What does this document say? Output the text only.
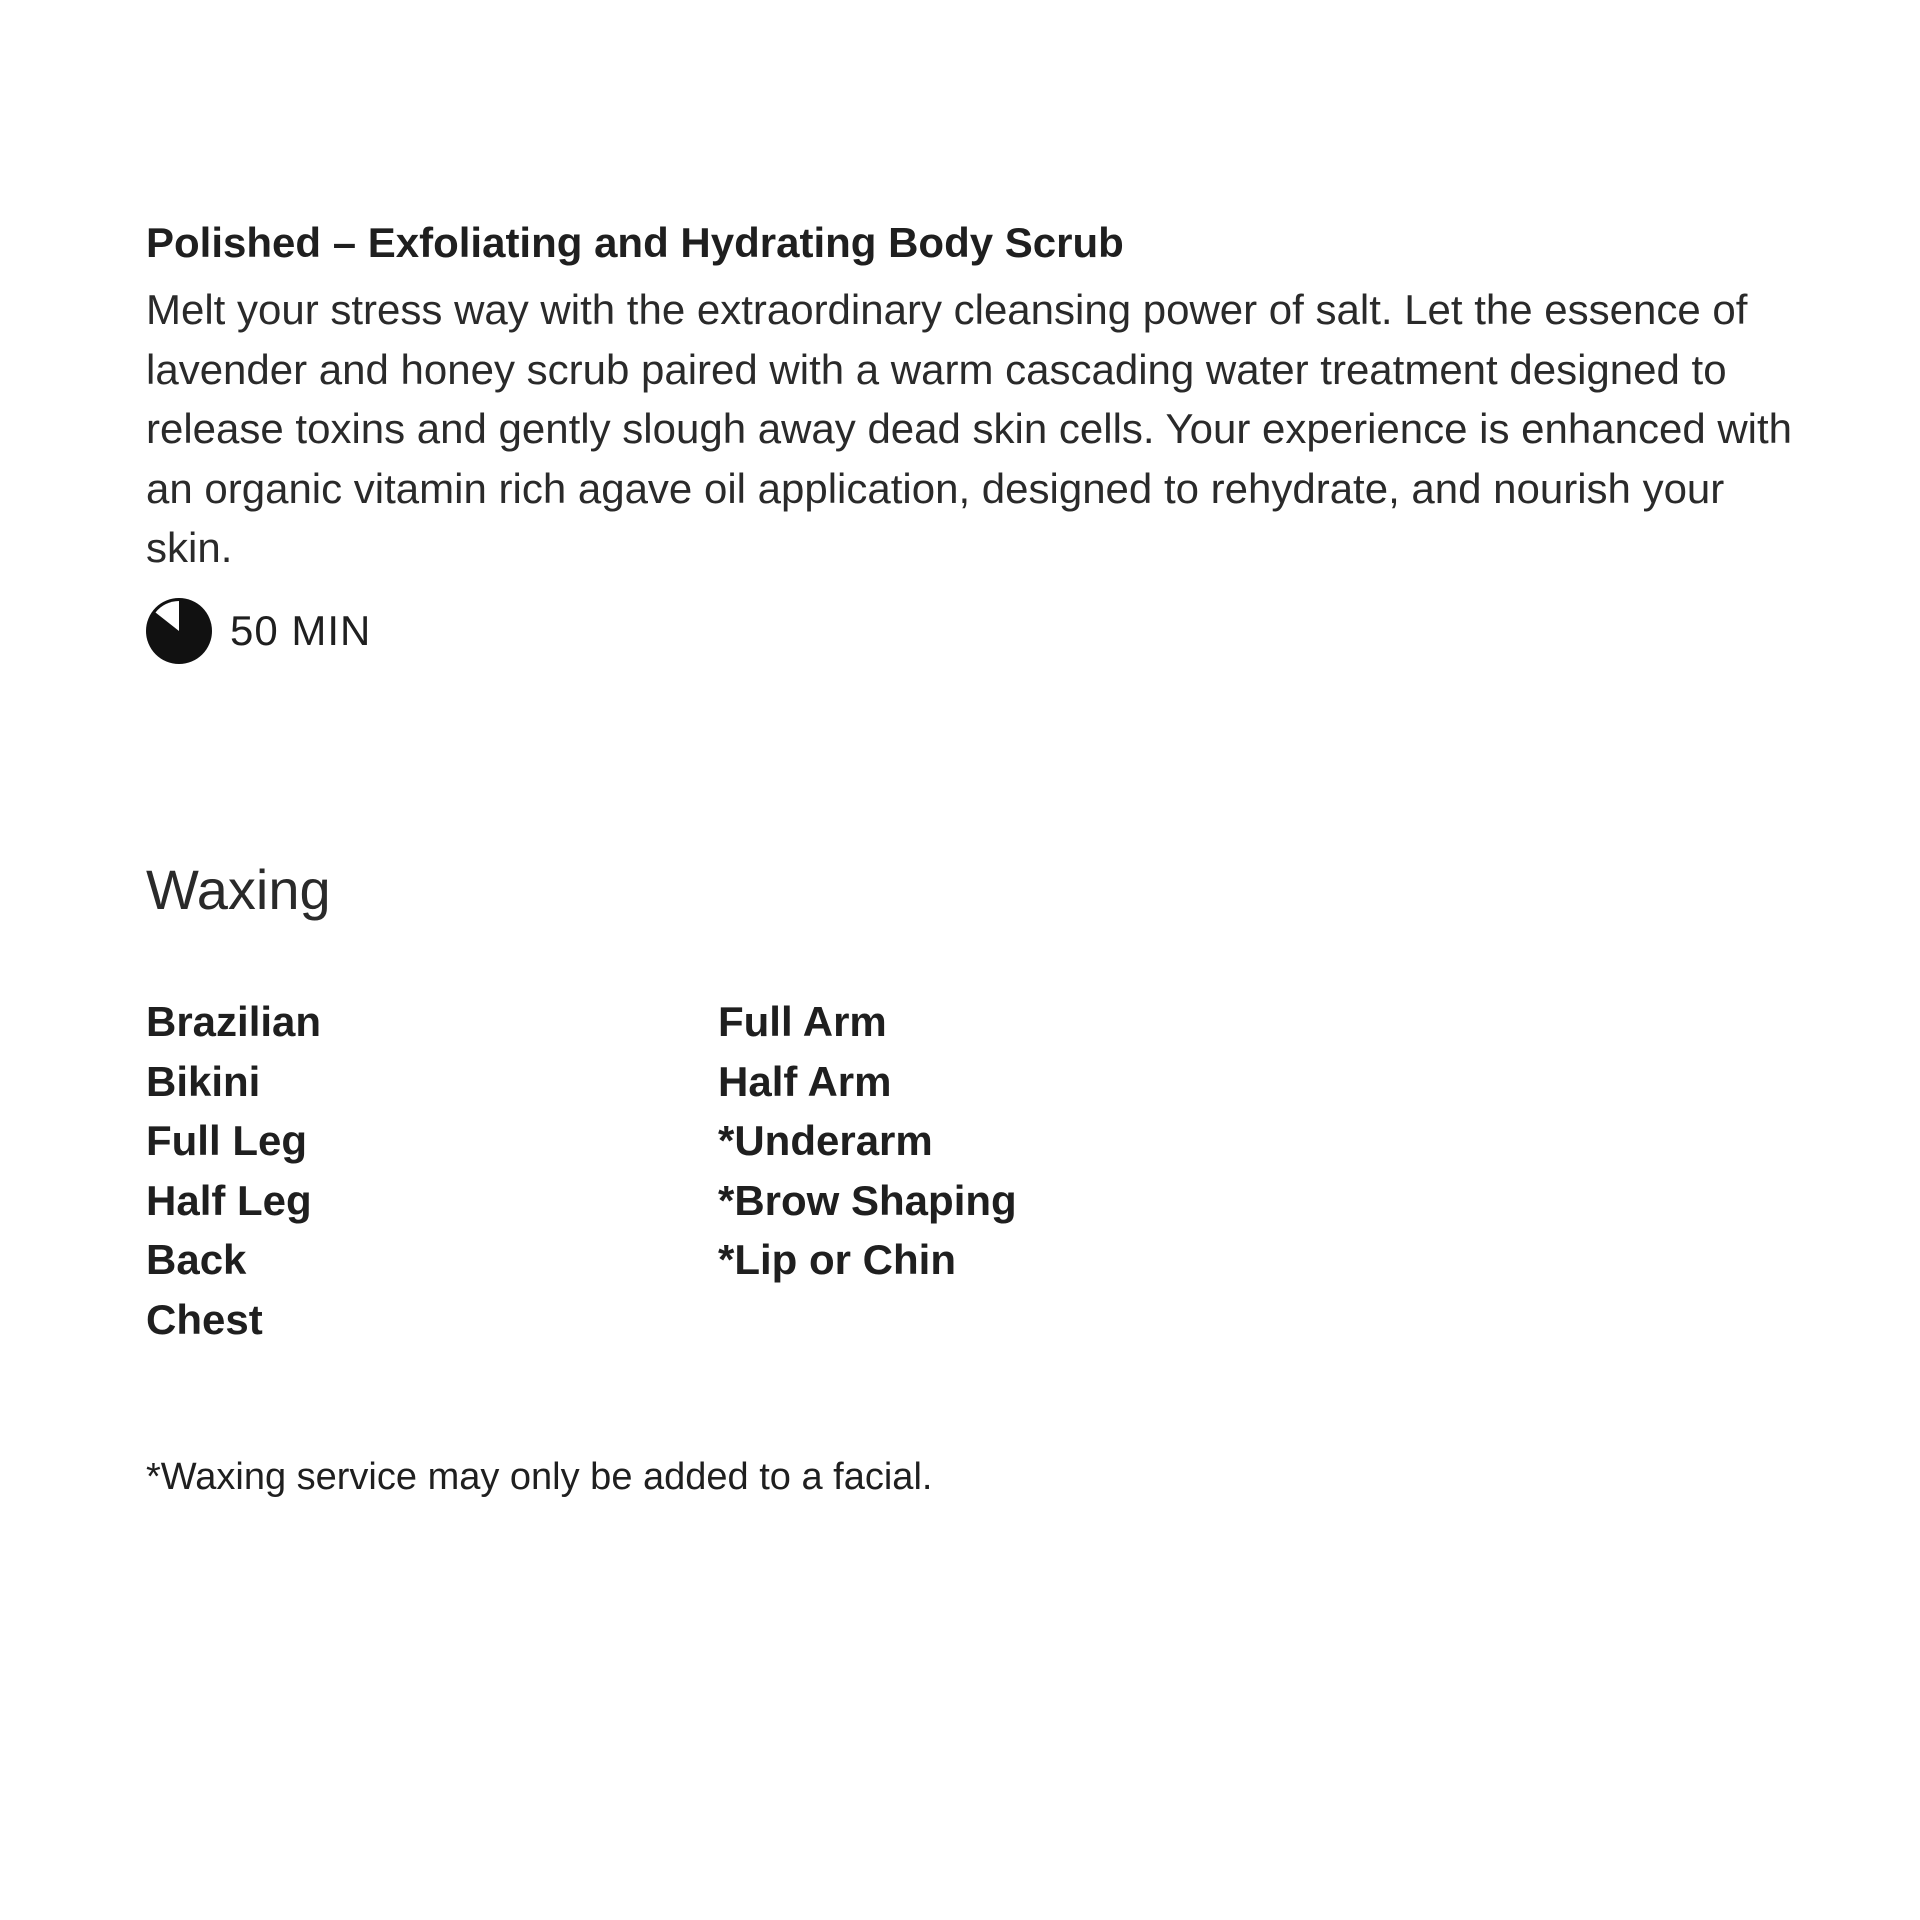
Polished – Exfoliating and Hydrating Body Scrub

Melt your stress way with the extraordinary cleansing power of salt. Let the essence of lavender and honey scrub paired with a warm cascading water treatment designed to release toxins and gently slough away dead skin cells. Your experience is enhanced with an organic vitamin rich agave oil application, designed to rehydrate, and nourish your skin.

50 MIN
Waxing
Brazilian
Bikini
Full Leg
Half Leg
Back
Chest
Full Arm
Half Arm
*Underarm
*Brow Shaping
*Lip or Chin

*Waxing service may only be added to a facial.
